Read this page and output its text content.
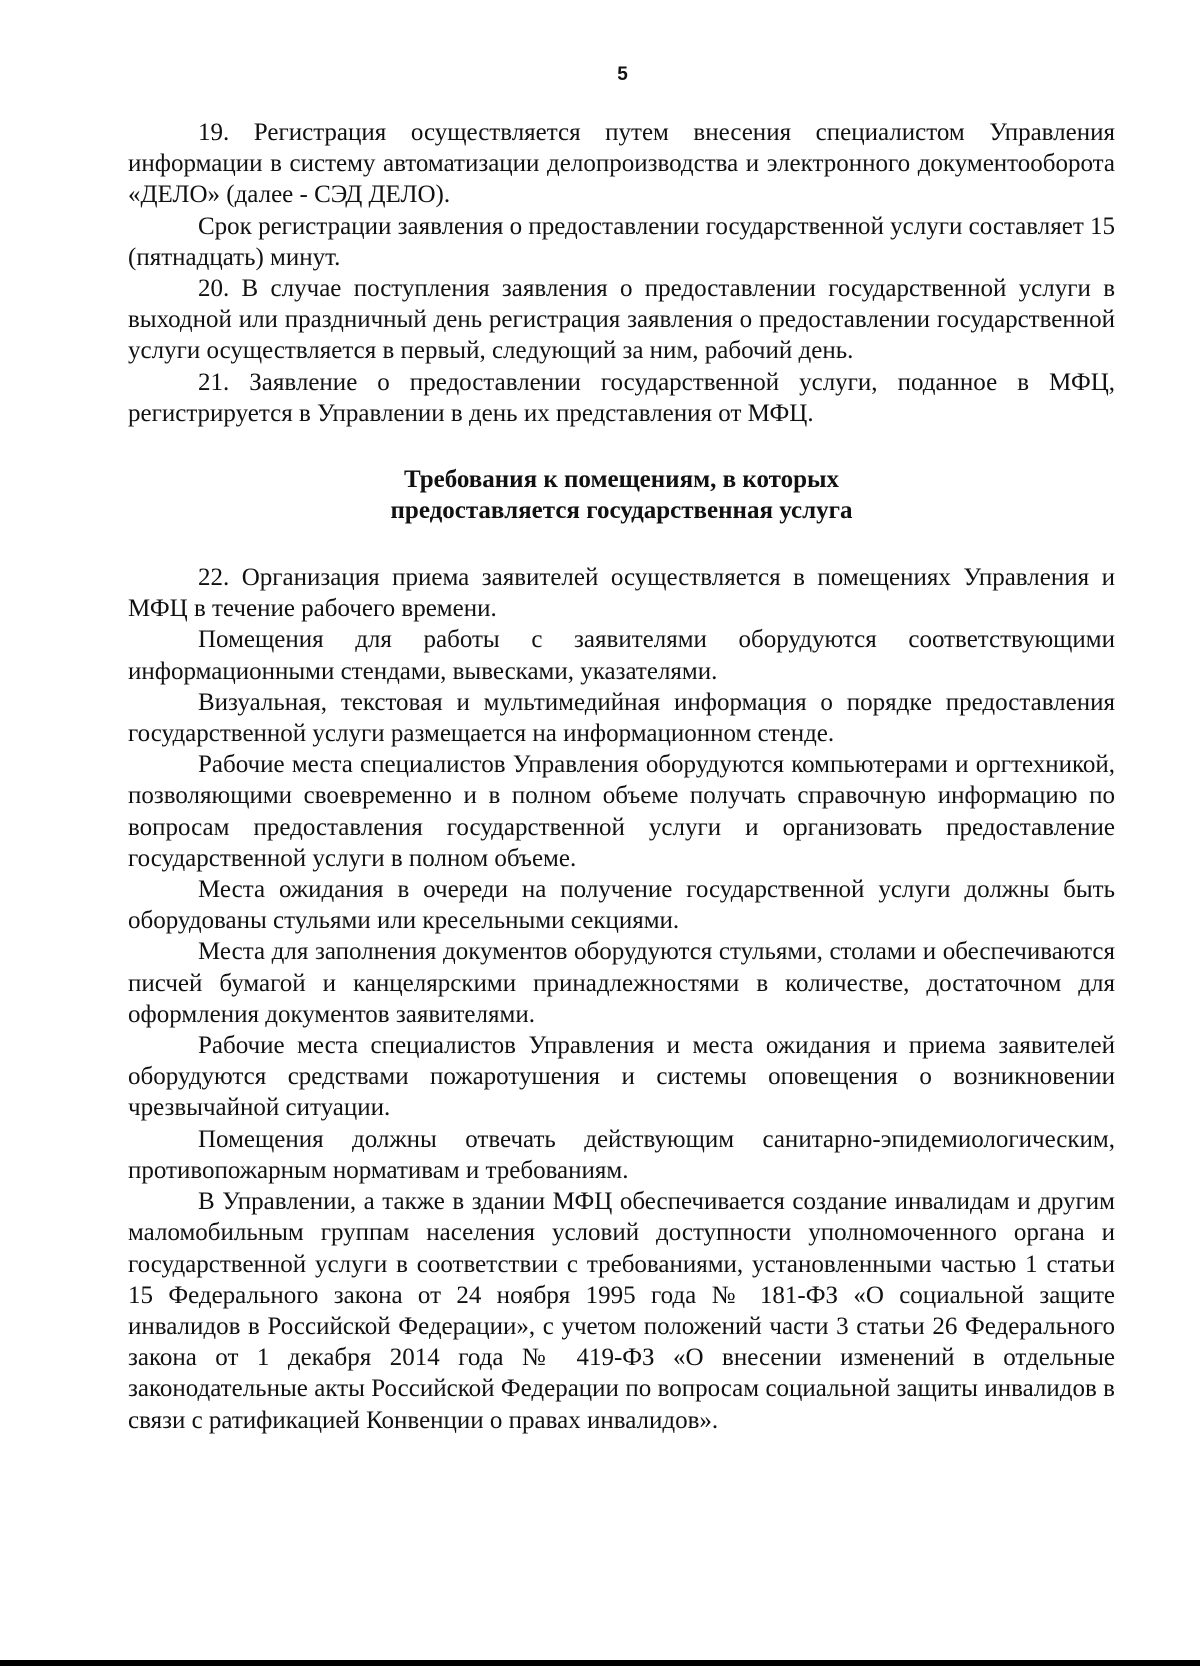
5

19. Регистрация осуществляется путем внесения специалистом Управления информации в систему автоматизации делопроизводства и электронного документооборота «ДЕЛО» (далее - СЭД ДЕЛО).

Срок регистрации заявления о предоставлении государственной услуги составляет 15 (пятнадцать) минут.

20. В случае поступления заявления о предоставлении государственной услуги в выходной или праздничный день регистрация заявления о предоставлении государственной услуги осуществляется в первый, следующий за ним, рабочий день.

21. Заявление о предоставлении государственной услуги, поданное в МФЦ, регистрируется в Управлении в день их представления от МФЦ.

Требования к помещениям, в которых
предоставляется государственная услуга

22. Организация приема заявителей осуществляется в помещениях Управления и МФЦ в течение рабочего времени.

Помещения для работы с заявителями оборудуются соответствующими информационными стендами, вывесками, указателями.

Визуальная, текстовая и мультимедийная информация о порядке предоставления государственной услуги размещается на информационном стенде.

Рабочие места специалистов Управления оборудуются компьютерами и оргтехникой, позволяющими своевременно и в полном объеме получать справочную информацию по вопросам предоставления государственной услуги и организовать предоставление государственной услуги в полном объеме.

Места ожидания в очереди на получение государственной услуги должны быть оборудованы стульями или кресельными секциями.

Места для заполнения документов оборудуются стульями, столами и обеспечиваются писчей бумагой и канцелярскими принадлежностями в количестве, достаточном для оформления документов заявителями.

Рабочие места специалистов Управления и места ожидания и приема заявителей оборудуются средствами пожаротушения и системы оповещения о возникновении чрезвычайной ситуации.

Помещения должны отвечать действующим санитарно-эпидемиологическим, противопожарным нормативам и требованиям.

В Управлении, а также в здании МФЦ обеспечивается создание инвалидам и другим маломобильным группам населения условий доступности уполномоченного органа и государственной услуги в соответствии с требованиями, установленными частью 1 статьи 15 Федерального закона от 24 ноября 1995 года № 181-ФЗ «О социальной защите инвалидов в Российской Федерации», с учетом положений части 3 статьи 26 Федерального закона от 1 декабря 2014 года № 419-ФЗ «О внесении изменений в отдельные законодательные акты Российской Федерации по вопросам социальной защиты инвалидов в связи с ратификацией Конвенции о правах инвалидов».
